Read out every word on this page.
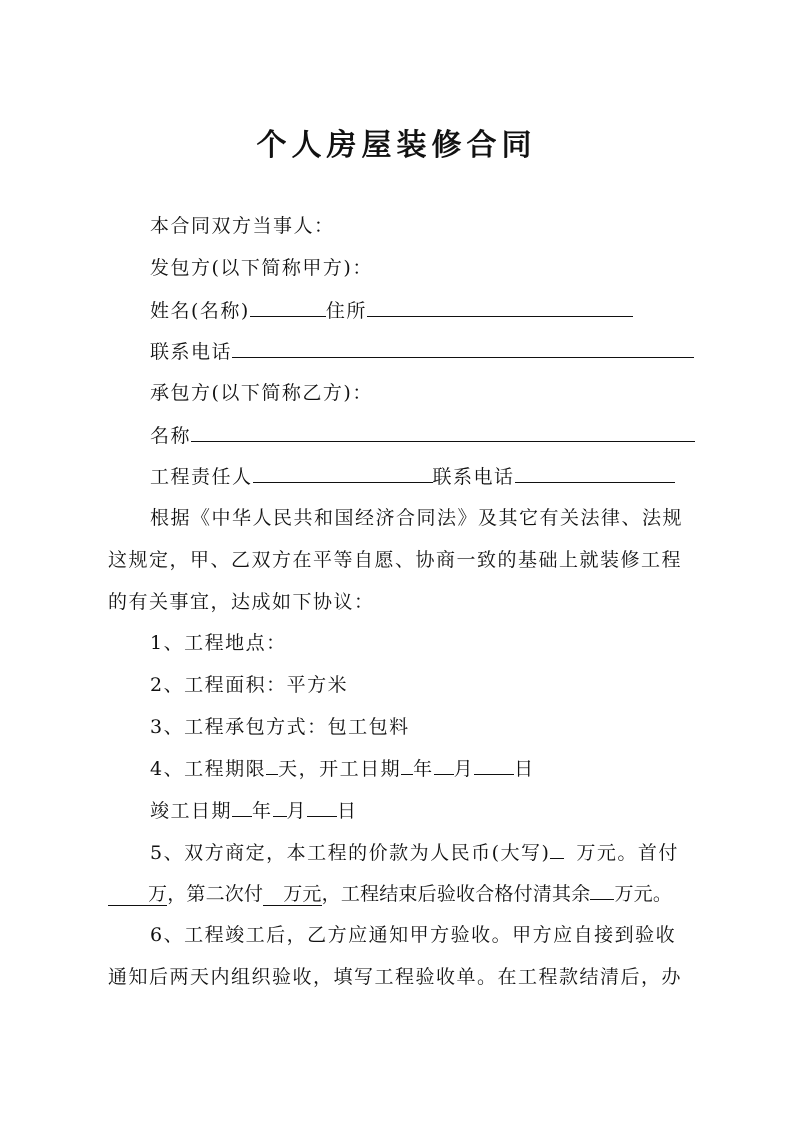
个人房屋装修合同
本合同双方当事人：
发包方(以下简称甲方)：
姓名(名称)	住所
联系电话
承包方(以下简称乙方)：
名称
工程责任人	联系电话
根据《中华人民共和国经济合同法》及其它有关法律、法规
这规定，甲、乙双方在平等自愿、协商一致的基础上就装修工程
的有关事宜，达成如下协议：
1、工程地点：
2、工程面积：平方米
3、工程承包方式：包工包料
4、工程期限 天，开工日期 年 月 日
竣工日期 年 月 日
5、双方商定，本工程的价款为人民币(大写) 万元。首付
万，第二次付 万元，工程结束后验收合格付清其余 万元。
6、工程竣工后，乙方应通知甲方验收。甲方应自接到验收
通知后两天内组织验收，填写工程验收单。在工程款结清后，办
